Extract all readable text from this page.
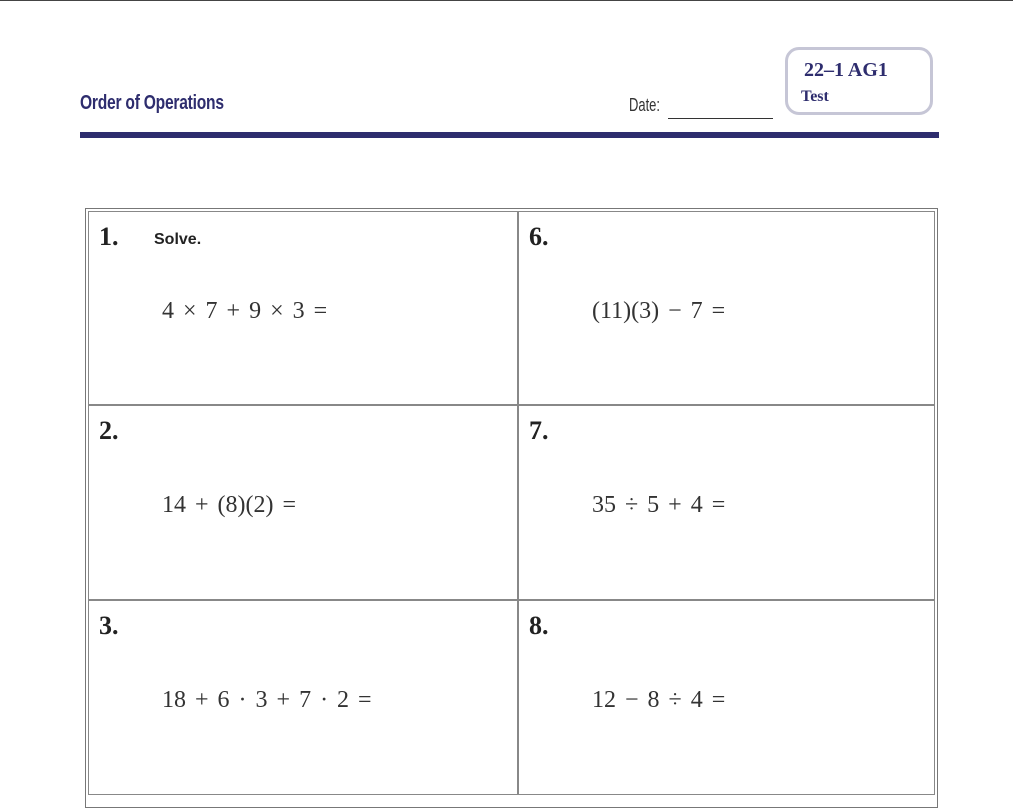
Order of Operations	Date:
22–1 AG1
Test
1. Solve.
4 × 7 + 9 × 3 =
2.
14 + (8)(2) =
3.
18 + 6 · 3 + 7 · 2 =
6.
(11)(3) − 7 =
7.
35 ÷ 5 + 4 =
8.
12 − 8 ÷ 4 =
